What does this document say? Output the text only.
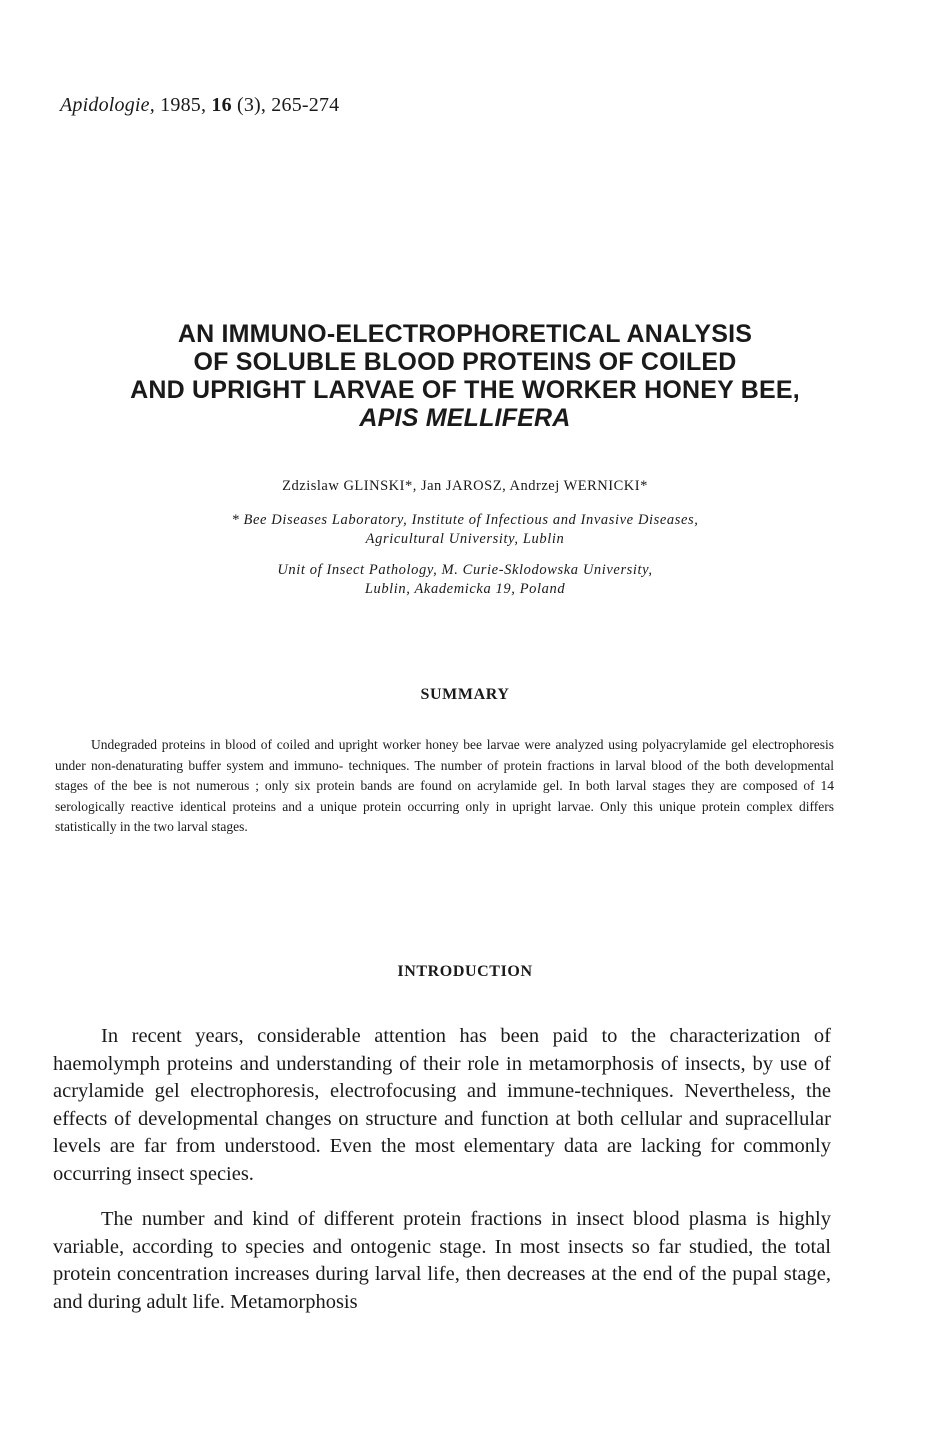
Apidologie, 1985, 16 (3), 265-274
AN IMMUNO-ELECTROPHORETICAL ANALYSIS
OF SOLUBLE BLOOD PROTEINS OF COILED
AND UPRIGHT LARVAE OF THE WORKER HONEY BEE,
APIS MELLIFERA
Zdzislaw GLINSKI*, Jan JAROSZ, Andrzej WERNICKI*
* Bee Diseases Laboratory, Institute of Infectious and Invasive Diseases,
Agricultural University, Lublin
Unit of Insect Pathology, M. Curie-Sklodowska University,
Lublin, Akademicka 19, Poland
SUMMARY
Undegraded proteins in blood of coiled and upright worker honey bee larvae were analyzed using polyacrylamide gel electrophoresis under non-denaturating buffer system and immuno- techniques. The number of protein fractions in larval blood of the both developmental stages of the bee is not numerous ; only six protein bands are found on acrylamide gel. In both larval stages they are composed of 14 serologically reactive identical proteins and a unique protein occurring only in upright larvae. Only this unique protein complex differs statistically in the two larval stages.
INTRODUCTION
In recent years, considerable attention has been paid to the characterization of haemolymph proteins and understanding of their role in metamorphosis of insects, by use of acrylamide gel electrophoresis, electrofocusing and immune-techniques. Nevertheless, the effects of developmental changes on structure and function at both cellular and supracellular levels are far from understood. Even the most elementary data are lacking for commonly occurring insect species.
The number and kind of different protein fractions in insect blood plasma is highly variable, according to species and ontogenic stage. In most insects so far studied, the total protein concentration increases during larval life, then decreases at the end of the pupal stage, and during adult life. Metamorphosis
